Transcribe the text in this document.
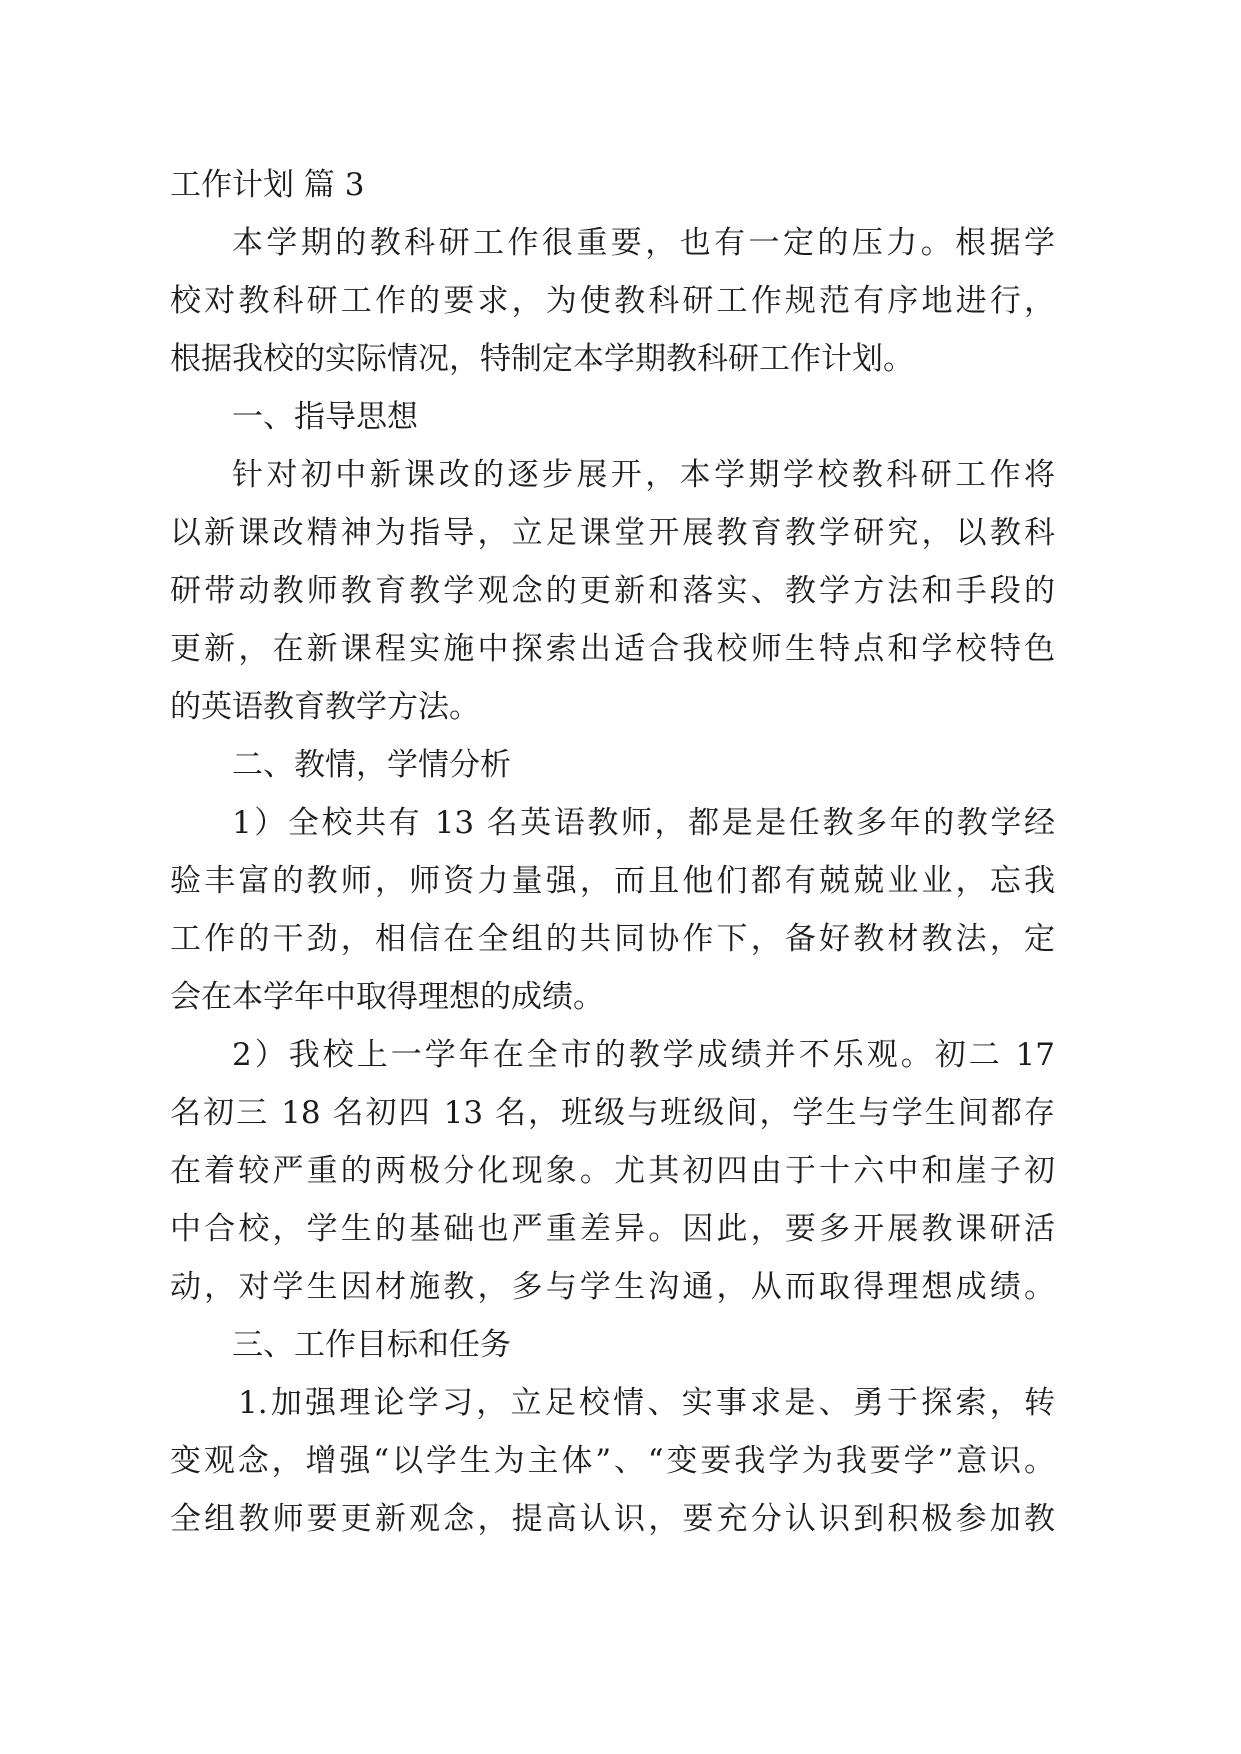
工作计划 篇 3
本学期的教科研工作很重要，也有一定的压力。根据学
校对教科研工作的要求，为使教科研工作规范有序地进行，
根据我校的实际情况，特制定本学期教科研工作计划。
一、指导思想
针对初中新课改的逐步展开，本学期学校教科研工作将
以新课改精神为指导，立足课堂开展教育教学研究，以教科
研带动教师教育教学观念的更新和落实、教学方法和手段的
更新，在新课程实施中探索出适合我校师生特点和学校特色
的英语教育教学方法。
二、教情，学情分析
1）全校共有 13 名英语教师，都是是任教多年的教学经
验丰富的教师，师资力量强，而且他们都有兢兢业业，忘我
工作的干劲，相信在全组的共同协作下，备好教材教法，定
会在本学年中取得理想的成绩。
2）我校上一学年在全市的教学成绩并不乐观。初二 17
名初三 18 名初四 13 名，班级与班级间，学生与学生间都存
在着较严重的两极分化现象。尤其初四由于十六中和崖子初
中合校，学生的基础也严重差异。因此，要多开展教课研活
动，对学生因材施教，多与学生沟通，从而取得理想成绩。
三、工作目标和任务
1.加强理论学习，立足校情、实事求是、勇于探索，转
变观念，增强“以学生为主体”、“变要我学为我要学”意识。
全组教师要更新观念，提高认识，要充分认识到积极参加教
